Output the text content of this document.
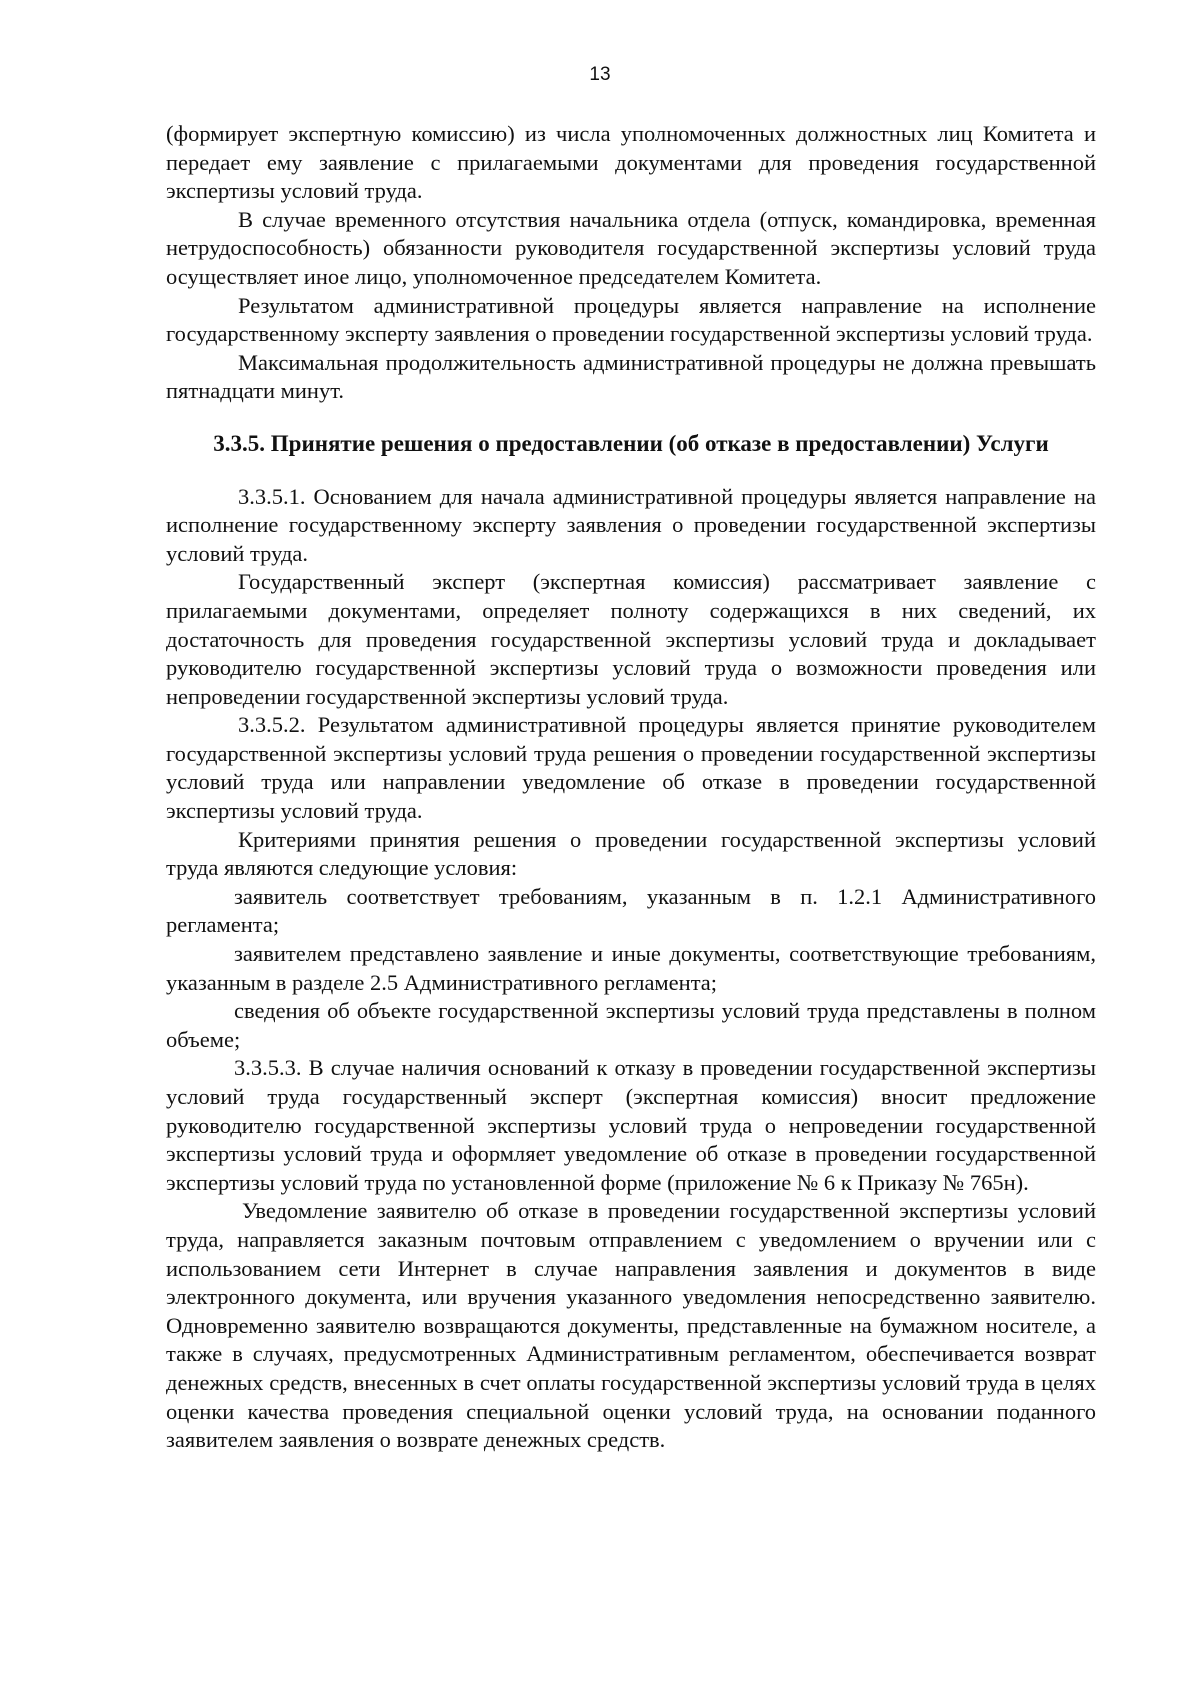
13

(формирует экспертную комиссию) из числа уполномоченных должностных лиц Комитета и передает ему заявление с прилагаемыми документами для проведения государственной экспертизы условий труда.

В случае временного отсутствия начальника отдела (отпуск, командировка, временная нетрудоспособность) обязанности руководителя государственной экспертизы условий труда осуществляет иное лицо, уполномоченное председателем Комитета.

Результатом административной процедуры является направление на исполнение государственному эксперту заявления о проведении государственной экспертизы условий труда.

Максимальная продолжительность административной процедуры не должна превышать пятнадцати минут.

3.3.5. Принятие решения о предоставлении (об отказе в предоставлении) Услуги

3.3.5.1. Основанием для начала административной процедуры является направление на исполнение государственному эксперту заявления о проведении государственной экспертизы условий труда.

Государственный эксперт (экспертная комиссия) рассматривает заявление с прилагаемыми документами, определяет полноту содержащихся в них сведений, их достаточность для проведения государственной экспертизы условий труда и докладывает руководителю государственной экспертизы условий труда о возможности проведения или непроведении государственной экспертизы условий труда.

3.3.5.2. Результатом административной процедуры является принятие руководителем государственной экспертизы условий труда решения о проведении государственной экспертизы условий труда или направлении уведомление об отказе в проведении государственной экспертизы условий труда.

Критериями принятия решения о проведении государственной экспертизы условий труда являются следующие условия:

заявитель соответствует требованиям, указанным в п. 1.2.1 Административного регламента;

заявителем представлено заявление и иные документы, соответствующие требованиям, указанным в разделе 2.5 Административного регламента;

сведения об объекте государственной экспертизы условий труда представлены в полном объеме;

3.3.5.3. В случае наличия оснований к отказу в проведении государственной экспертизы условий труда государственный эксперт (экспертная комиссия) вносит предложение руководителю государственной экспертизы условий труда о непроведении государственной экспертизы условий труда и оформляет уведомление об отказе в проведении государственной экспертизы условий труда по установленной форме (приложение № 6 к Приказу № 765н).

Уведомление заявителю об отказе в проведении государственной экспертизы условий труда, направляется заказным почтовым отправлением с уведомлением о вручении или с использованием сети Интернет в случае направления заявления и документов в виде электронного документа, или вручения указанного уведомления непосредственно заявителю. Одновременно заявителю возвращаются документы, представленные на бумажном носителе, а также в случаях, предусмотренных Административным регламентом, обеспечивается возврат денежных средств, внесенных в счет оплаты государственной экспертизы условий труда в целях оценки качества проведения специальной оценки условий труда, на основании поданного заявителем заявления о возврате денежных средств.
